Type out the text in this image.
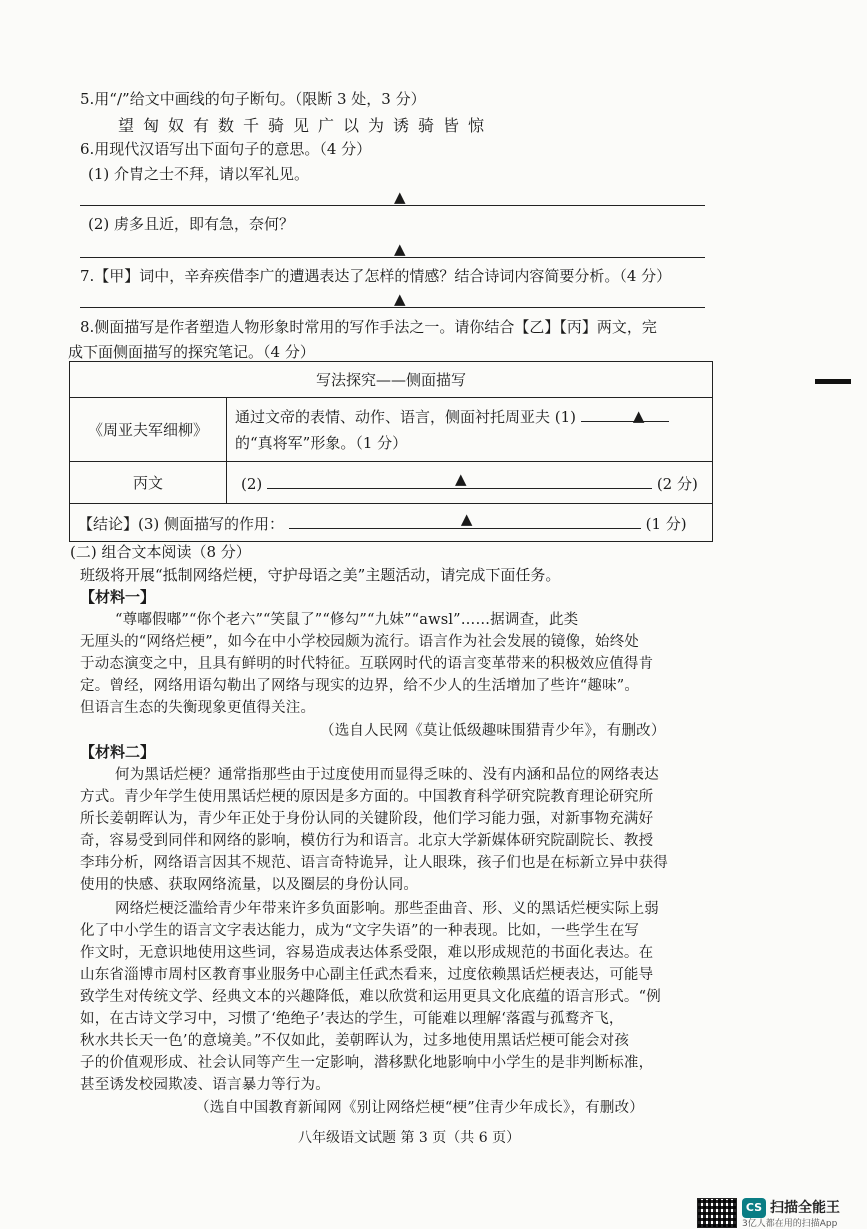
5.用“/”给文中画线的句子断句。（限断 3 处，3 分）
望匈奴有数千骑见广以为诱骑皆惊
6.用现代汉语写出下面句子的意思。（4 分）
(1) 介胄之士不拜，请以军礼见。
▲
(2) 虏多且近，即有急，奈何？
▲
7.【甲】词中，辛弃疾借李广的遭遇表达了怎样的情感？结合诗词内容简要分析。（4 分）
▲
8.侧面描写是作者塑造人物形象时常用的写作手法之一。请你结合【乙】【丙】两文，完
成下面侧面描写的探究笔记。（4 分）
写法探究——侧面描写	
《周亚夫军细柳》	通过文帝的表情、动作、语言，侧面衬托周亚夫 (1) ▲

的“真将军”形象。（1 分）
丙文	(2) ▲ (2 分)
【结论】(3) 侧面描写的作用： ▲ (1 分)	
(二) 组合文本阅读（8 分）
班级将开展“抵制网络烂梗，守护母语之美”主题活动，请完成下面任务。
【材料一】
“尊嘟假嘟”“你个老六”“笑鼠了”“修勾”“九妹”“awsl”……据调查，此类
无厘头的“网络烂梗”，如今在中小学校园颇为流行。语言作为社会发展的镜像，始终处
于动态演变之中，且具有鲜明的时代特征。互联网时代的语言变革带来的积极效应值得肯
定。曾经，网络用语勾勒出了网络与现实的边界，给不少人的生活增加了些许“趣味”。
但语言生态的失衡现象更值得关注。
（选自人民网《莫让低级趣味围猎青少年》，有删改）
【材料二】
何为黑话烂梗？通常指那些由于过度使用而显得乏味的、没有内涵和品位的网络表达
方式。青少年学生使用黑话烂梗的原因是多方面的。中国教育科学研究院教育理论研究所
所长姜朝晖认为，青少年正处于身份认同的关键阶段，他们学习能力强，对新事物充满好
奇，容易受到同伴和网络的影响，模仿行为和语言。北京大学新媒体研究院副院长、教授
李玮分析，网络语言因其不规范、语言奇特诡异，让人眼珠，孩子们也是在标新立异中获得
使用的快感、获取网络流量，以及圈层的身份认同。
网络烂梗泛滥给青少年带来许多负面影响。那些歪曲音、形、义的黑话烂梗实际上弱
化了中小学生的语言文字表达能力，成为“文字失语”的一种表现。比如，一些学生在写
作文时，无意识地使用这些词，容易造成表达体系受限，难以形成规范的书面化表达。在
山东省淄博市周村区教育事业服务中心副主任武杰看来，过度依赖黑话烂梗表达，可能导
致学生对传统文学、经典文本的兴趣降低，难以欣赏和运用更具文化底蕴的语言形式。“例
如，在古诗文学习中，习惯了‘绝绝子’表达的学生，可能难以理解‘落霞与孤鹜齐飞，
秋水共长天一色’的意境美。”不仅如此，姜朝晖认为，过多地使用黑话烂梗可能会对孩
子的价值观形成、社会认同等产生一定影响，潜移默化地影响中小学生的是非判断标准，
甚至诱发校园欺凌、语言暴力等行为。
（选自中国教育新闻网《别让网络烂梗“梗”住青少年成长》，有删改）
八年级语文试题 第 3 页（共 6 页）
CS 扫描全能王
3亿人都在用的扫描App
